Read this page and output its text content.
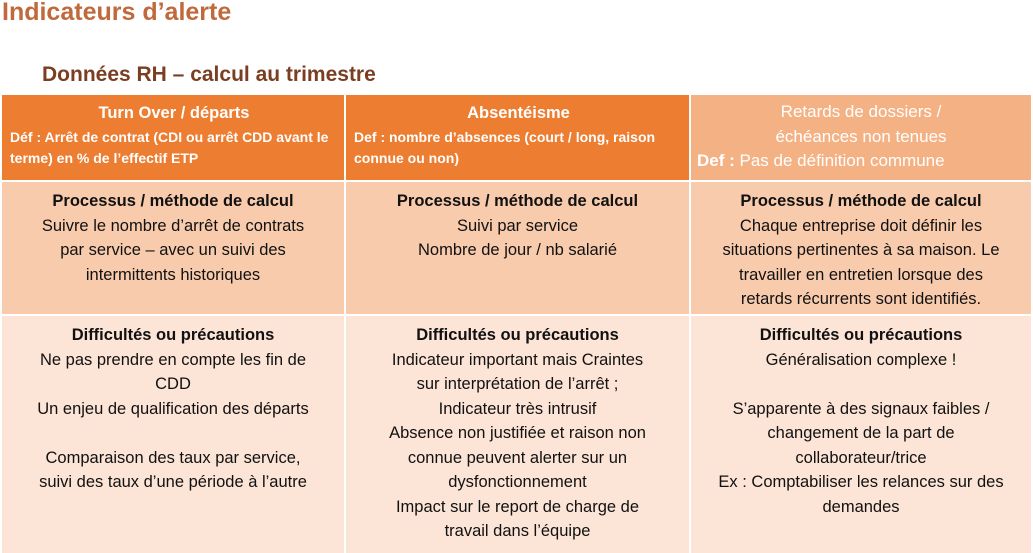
Indicateurs d’alerte
Données RH – calcul au trimestre
Turn Over / départs
Déf : Arrêt de contrat (CDI ou arrêt CDD avant le terme) en % de l’effectif ETP
Absentéisme
Def : nombre d’absences (court / long, raison connue ou non)
Retards de dossiers /
échéances non tenues
Def : Pas de définition commune
Processus / méthode de calcul
Suivre le nombre d’arrêt de contrats
par service – avec un suivi des
intermittents historiques
Processus / méthode de calcul
Suivi par service
Nombre de jour / nb salarié
Processus / méthode de calcul
Chaque entreprise doit définir les
situations pertinentes à sa maison. Le
travailler en entretien lorsque des
retards récurrents sont identifiés.
Difficultés ou précautions
Ne pas prendre en compte les fin de
CDD
Un enjeu de qualification des départs
Comparaison des taux par service,
suivi des taux d’une période à l’autre
Difficultés ou précautions
Indicateur important mais Craintes
sur interprétation de l’arrêt ;
Indicateur très intrusif
Absence non justifiée et raison non
connue peuvent alerter sur un
dysfonctionnement
Impact sur le report de charge de
travail dans l’équipe
Difficultés ou précautions
Généralisation complexe !
S’apparente à des signaux faibles /
changement de la part de
collaborateur/trice
Ex : Comptabiliser les relances sur des
demandes
